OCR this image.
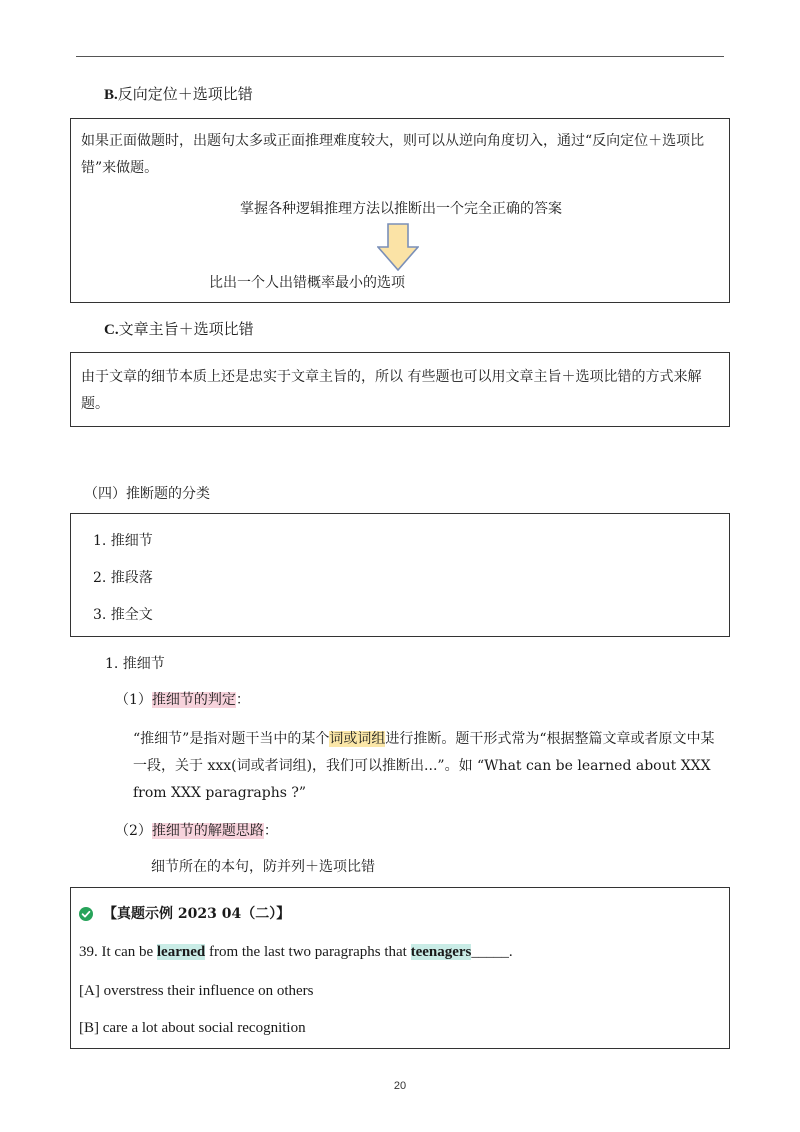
B.反向定位＋选项比错
如果正面做题时，出题句太多或正面推理难度较大，则可以从逆向角度切入，通过“反向定位＋选项比错”来做题。
掌握各种逻辑推理方法以推断出一个完全正确的答案
比出一个人出错概率最小的选项
C.文章主旨＋选项比错
由于文章的细节本质上还是忠实于文章主旨的，所以 有些题也可以用文章主旨＋选项比错的方式来解题。
（四）推断题的分类
1. 推细节
2. 推段落
3. 推全文
1. 推细节
（1）推细节的判定：
“推细节”是指对题干当中的某个词或词组进行推断。题干形式常为“根据整篇文章或者原文中某一段，关于 xxx(词或者词组)，我们可以推断出...”。如 “What can be learned about XXX from XXX paragraphs ?”
（2）推细节的解题思路：
细节所在的本句，防并列＋选项比错
【真题示例 2023 04（二）】
39. It can be learned from the last two paragraphs that teenagers_____.
[A] overstress their influence on others
[B] care a lot about social recognition
20
